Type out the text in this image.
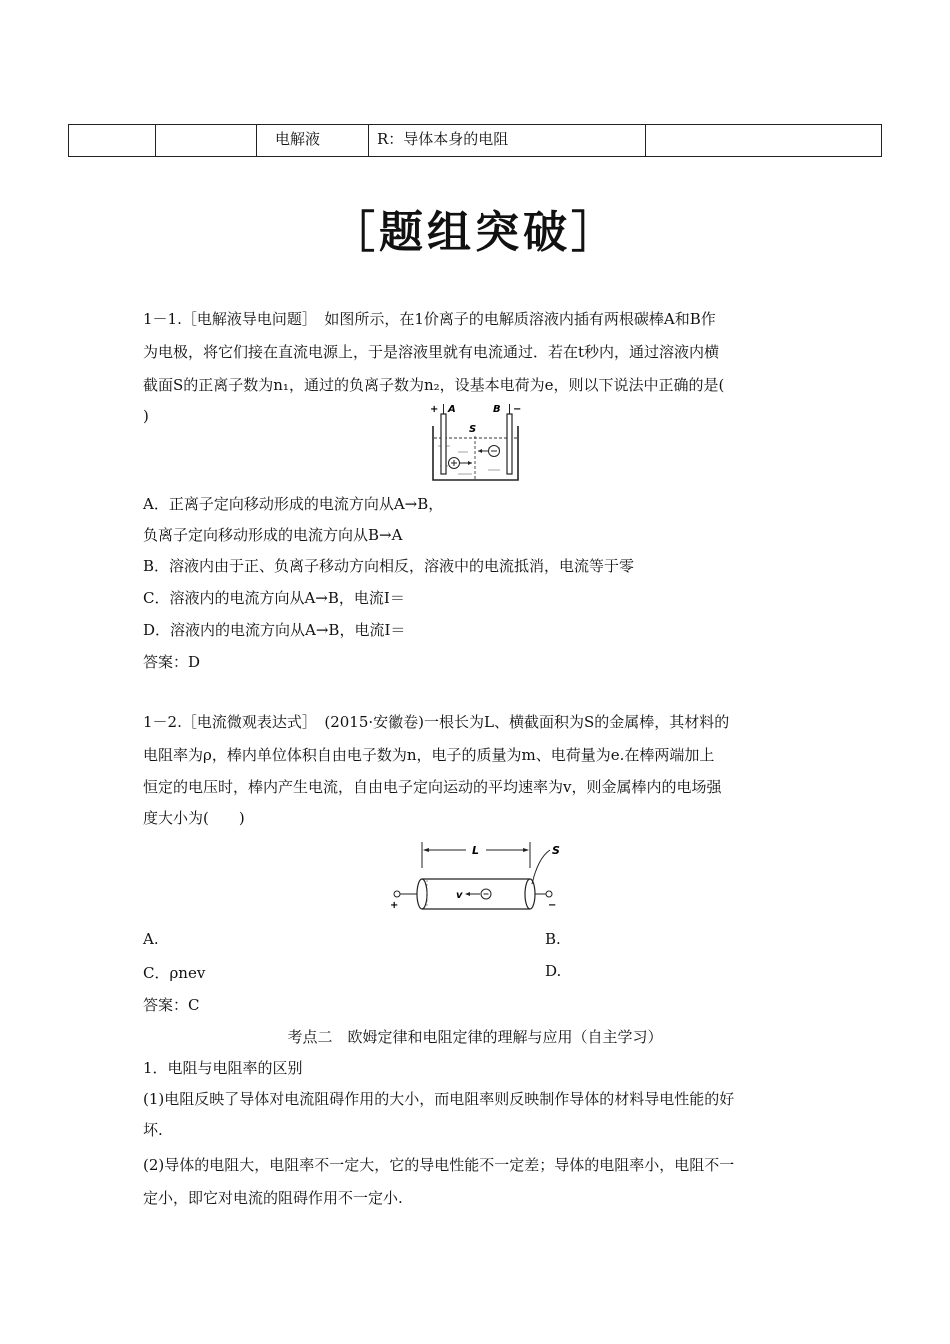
电解液	R：导体本身的电阻

［题组突破］
1－1.［电解液导电问题］　如图所示，在1价离子的电解质溶液内插有两根碳棒A和B作
为电极，将它们接在直流电源上，于是溶液里就有电流通过．若在t秒内，通过溶液内横
截面S的正离子数为n₁，通过的负离子数为n₂，设基本电荷为e，则以下说法中正确的是(
)	+ A	B −
S
A．正离子定向移动形成的电流方向从A→B，
负离子定向移动形成的电流方向从B→A
B．溶液内由于正、负离子移动方向相反，溶液中的电流抵消，电流等于零
C．溶液内的电流方向从A→B，电流I＝
D．溶液内的电流方向从A→B，电流I＝
答案：D
1－2.［电流微观表达式］　(2015·安徽卷)一根长为L、横截面积为S的金属棒，其材料的
电阻率为ρ，棒内单位体积自由电子数为n，电子的质量为m、电荷量为e.在棒两端加上
恒定的电压时，棒内产生电流，自由电子定向运动的平均速率为v，则金属棒内的电场强
度大小为(　　)
L	S
v
+	−
A.	B.
C．ρnev	D.
答案：C
考点二　欧姆定律和电阻定律的理解与应用（自主学习）
1．电阻与电阻率的区别
(1)电阻反映了导体对电流阻碍作用的大小，而电阻率则反映制作导体的材料导电性能的好
坏.
(2)导体的电阻大，电阻率不一定大，它的导电性能不一定差；导体的电阻率小，电阻不一
定小，即它对电流的阻碍作用不一定小.
